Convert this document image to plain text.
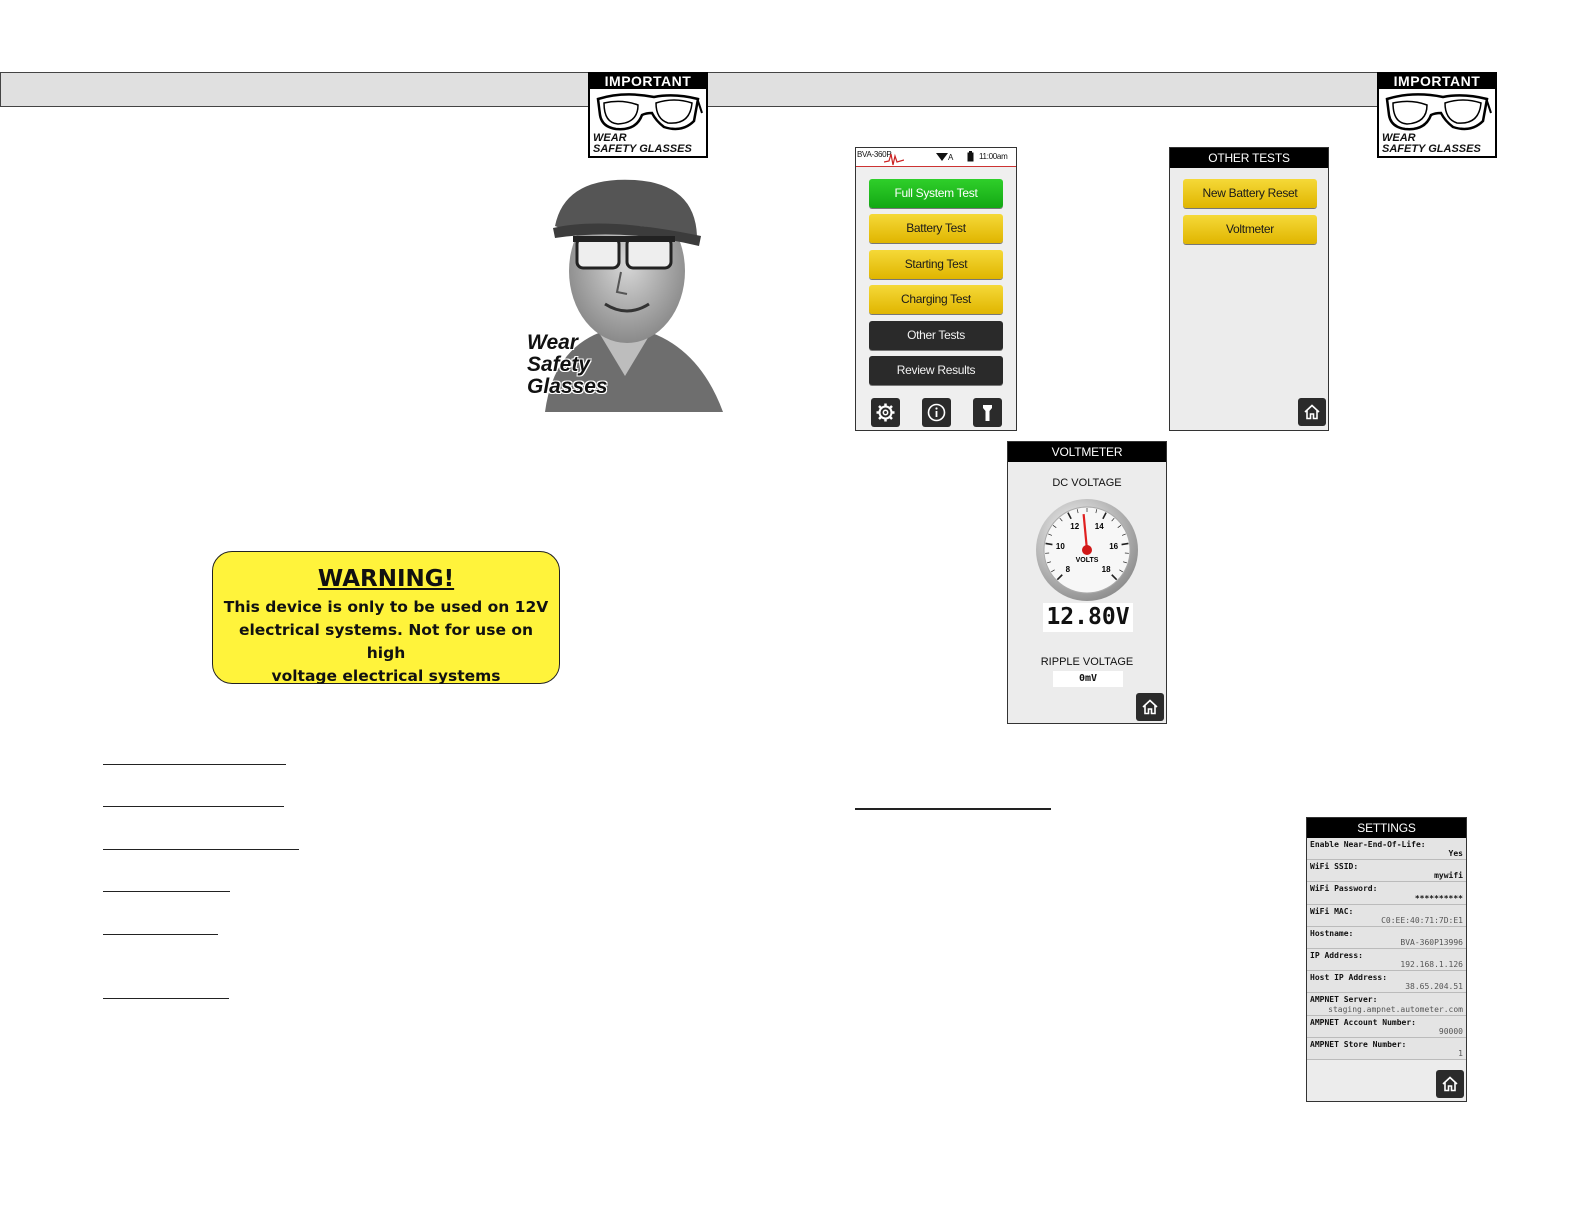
IMPORTANT
WEAR
SAFETY GLASSES
IMPORTANT
WEAR
SAFETY GLASSES
Wear
Safety
Glasses
WARNING!
This device is only to be used on 12V
electrical systems. Not for use on high
voltage electrical systems
BVA-360P	A	11:00am
Full System Test
Battery Test
Starting Test
Charging Test
Other Tests
Review Results
OTHER TESTS
New Battery Reset
Voltmeter
VOLTMETER
DC VOLTAGE
8
10
12 14
16
18
VOLTS
12.80V
RIPPLE VOLTAGE
0mV
SETTINGS
Enable Near-End-Of-Life:
Yes
WiFi SSID:
mywifi
WiFi Password:
**********
WiFi MAC:
C0:EE:40:71:7D:E1
Hostname:
BVA-360P13996
IP Address:
192.168.1.126
Host IP Address:
38.65.204.51
AMPNET Server:
staging.ampnet.autometer.com
AMPNET Account Number:
90000
AMPNET Store Number:
1
